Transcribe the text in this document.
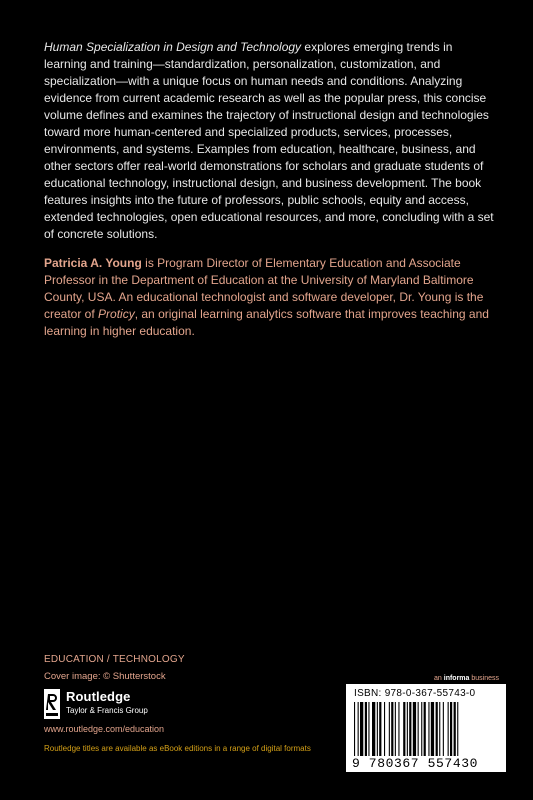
Human Specialization in Design and Technology explores emerging trends in learning and training—standardization, personalization, customization, and specialization—with a unique focus on human needs and conditions. Analyzing evidence from current academic research as well as the popular press, this concise volume defines and examines the trajectory of instructional design and technologies toward more human-centered and specialized products, services, processes, environments, and systems. Examples from education, healthcare, business, and other sectors offer real-world demonstrations for scholars and graduate students of educational technology, instructional design, and business development. The book features insights into the future of professors, public schools, equity and access, extended technologies, open educational resources, and more, concluding with a set of concrete solutions.

Patricia A. Young is Program Director of Elementary Education and Associate Professor in the Department of Education at the University of Maryland Baltimore County, USA. An educational technologist and software developer, Dr. Young is the creator of Proticy, an original learning analytics software that improves teaching and learning in higher education.
EDUCATION / TECHNOLOGY
Cover image: © Shutterstock
Routledge
Taylor & Francis Group
www.routledge.com/education
Routledge titles are available as eBook editions in a range of digital formats
an informa business
ISBN: 978-0-367-55743-0
9 780367 557430
